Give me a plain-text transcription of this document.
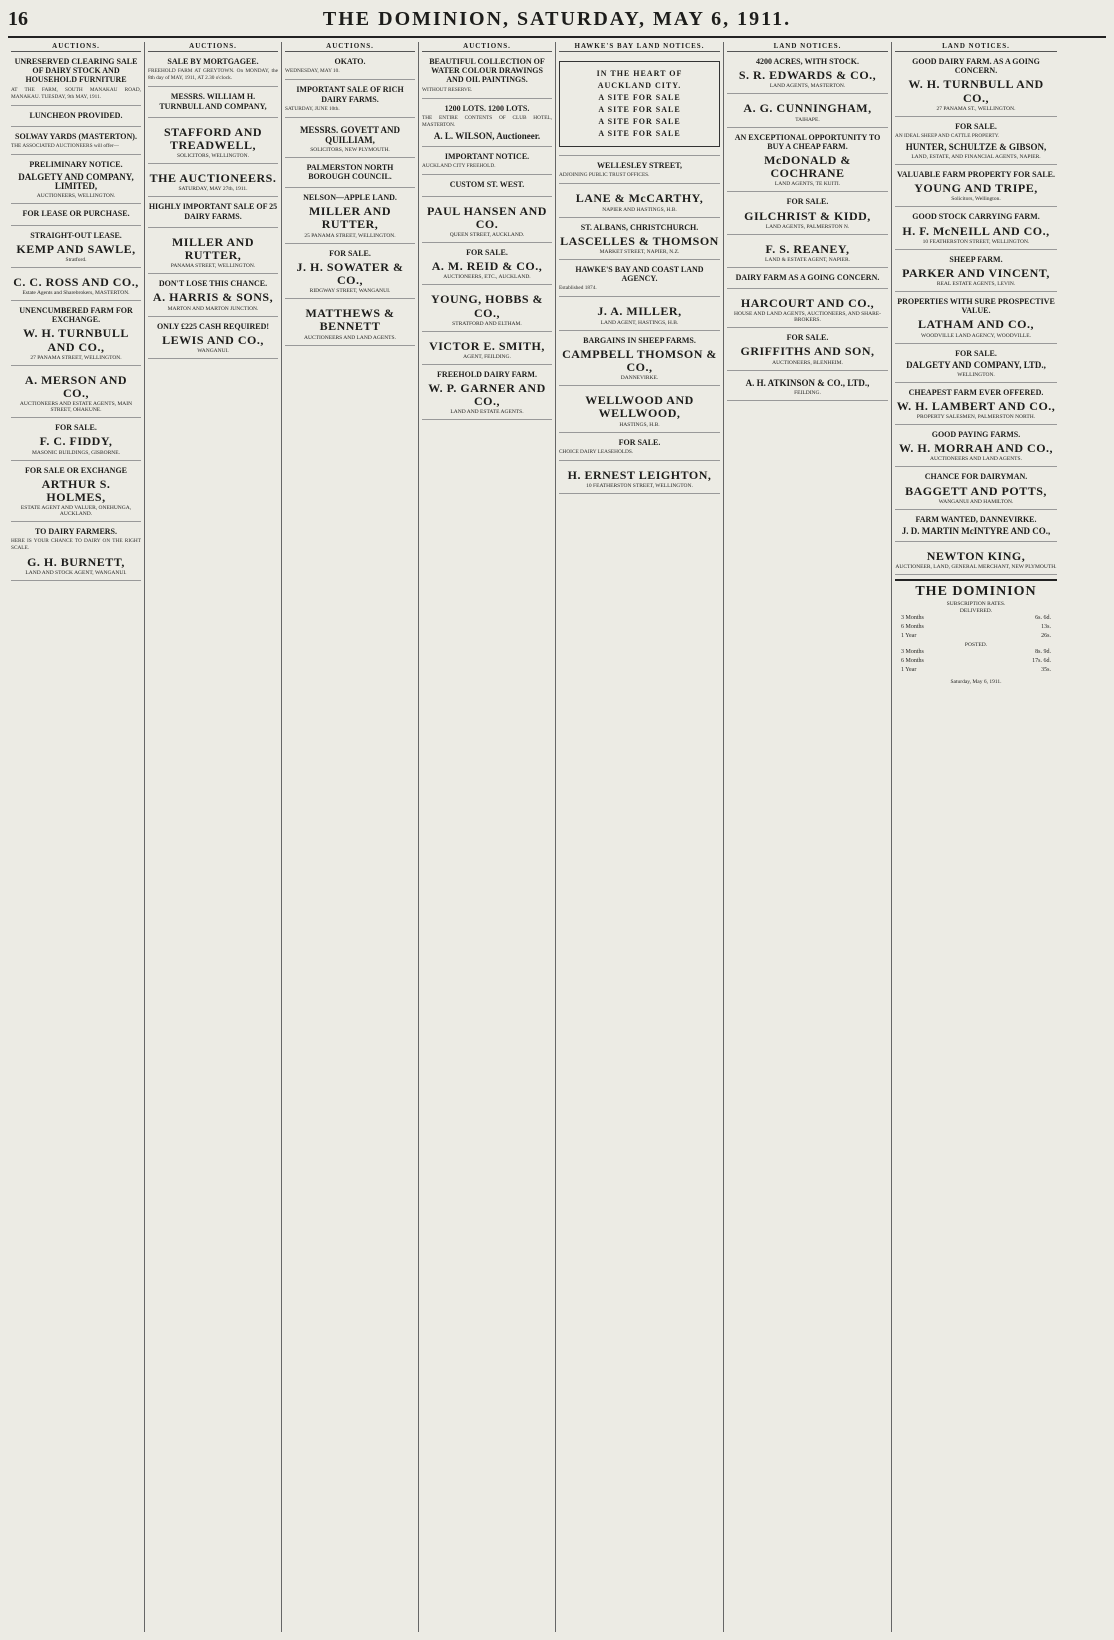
16	THE DOMINION, SATURDAY, MAY 6, 1911.
AUCTIONS.
UNRESERVED CLEARING SALE OF DAIRY STOCK AND HOUSEHOLD FURNITURE
AT THE FARM, SOUTH MANAKAU ROAD, MANAKAU. TUESDAY, 9th MAY, 1911.
LUNCHEON PROVIDED.
SOLWAY YARDS (MASTERTON).
THE ASSOCIATED AUCTIONEERS will offer—
PRELIMINARY NOTICE.
DALGETY AND COMPANY, LIMITED,
AUCTIONEERS, WELLINGTON.
FOR LEASE OR PURCHASE.
STRAIGHT-OUT LEASE.
KEMP AND SAWLE,
Stratford.
C. C. ROSS AND CO.,
Estate Agents and Sharebrokers, MASTERTON.
UNENCUMBERED FARM FOR EXCHANGE.
W. H. TURNBULL AND CO.,
27 PANAMA STREET, WELLINGTON.
A. MERSON AND CO.,
AUCTIONEERS AND ESTATE AGENTS, MAIN STREET, OHAKUNE.
FOR SALE.
F. C. FIDDY,
MASONIC BUILDINGS, GISBORNE.
FOR SALE OR EXCHANGE
ARTHUR S. HOLMES,
ESTATE AGENT AND VALUER, ONEHUNGA, AUCKLAND.
TO DAIRY FARMERS.
HERE IS YOUR CHANCE TO DAIRY ON THE RIGHT SCALE.
G. H. BURNETT,
LAND AND STOCK AGENT, WANGANUI.
AUCTIONS.
SALE BY MORTGAGEE.
FREEHOLD FARM AT GREYTOWN. On MONDAY, the 8th day of MAY, 1911, AT 2.30 o'clock.
MESSRS. WILLIAM H. TURNBULL AND COMPANY,
STAFFORD AND TREADWELL,
SOLICITORS, WELLINGTON.
THE AUCTIONEERS.
SATURDAY, MAY 27th, 1911.
HIGHLY IMPORTANT SALE OF 25 DAIRY FARMS.
MILLER AND RUTTER,
PANAMA STREET, WELLINGTON.
DON'T LOSE THIS CHANCE.
A. HARRIS & SONS,
MARTON AND MARTON JUNCTION.
ONLY £225 CASH REQUIRED!
LEWIS AND CO.,
WANGANUI.
AUCTIONS.
OKATO.
WEDNESDAY, MAY 10.
IMPORTANT SALE OF RICH DAIRY FARMS.
SATURDAY, JUNE 10th.
MESSRS. GOVETT AND QUILLIAM,
SOLICITORS, NEW PLYMOUTH.
PALMERSTON NORTH BOROUGH COUNCIL.
NELSON—APPLE LAND.
MILLER AND RUTTER,
25 PANAMA STREET, WELLINGTON.
FOR SALE.
J. H. SOWATER & CO.,
RIDGWAY STREET, WANGANUI.
MATTHEWS & BENNETT
AUCTIONEERS AND LAND AGENTS.
AUCTIONS.
BEAUTIFUL COLLECTION OF WATER COLOUR DRAWINGS AND OIL PAINTINGS.
WITHOUT RESERVE.
1200 LOTS. 1200 LOTS.
THE ENTIRE CONTENTS OF CLUB HOTEL, MASTERTON.
A. L. WILSON, Auctioneer.
IMPORTANT NOTICE.
AUCKLAND CITY FREEHOLD.
CUSTOM ST. WEST.
PAUL HANSEN AND CO.
QUEEN STREET, AUCKLAND.
FOR SALE.
A. M. REID & CO.,
AUCTIONEERS, ETC., AUCKLAND.
YOUNG, HOBBS & CO.,
STRATFORD AND ELTHAM.
VICTOR E. SMITH,
AGENT, FEILDING.
FREEHOLD DAIRY FARM.
W. P. GARNER AND CO.,
LAND AND ESTATE AGENTS.
HAWKE'S BAY LAND NOTICES.
IN THE HEART OF
AUCKLAND CITY.
A SITE FOR SALE
A SITE FOR SALE
A SITE FOR SALE
A SITE FOR SALE
WELLESLEY STREET,
ADJOINING PUBLIC TRUST OFFICES.
LANE & McCARTHY,
NAPIER AND HASTINGS, H.B.
ST. ALBANS, CHRISTCHURCH.
LASCELLES & THOMSON
MARKET STREET, NAPIER, N.Z.
HAWKE'S BAY AND COAST LAND AGENCY.
Established 1874.
J. A. MILLER,
LAND AGENT, HASTINGS, H.B.
BARGAINS IN SHEEP FARMS.
CAMPBELL THOMSON & CO.,
DANNEVIRKE.
WELLWOOD AND WELLWOOD,
HASTINGS, H.B.
FOR SALE.
CHOICE DAIRY LEASEHOLDS.
H. ERNEST LEIGHTON,
10 FEATHERSTON STREET, WELLINGTON.
LAND NOTICES.
4200 ACRES, WITH STOCK.
S. R. EDWARDS & CO.,
LAND AGENTS, MASTERTON.
A. G. CUNNINGHAM,
TAIHAPE.
AN EXCEPTIONAL OPPORTUNITY TO BUY A CHEAP FARM.
McDONALD & COCHRANE
LAND AGENTS, TE KUITI.
FOR SALE.
GILCHRIST & KIDD,
LAND AGENTS, PALMERSTON N.
F. S. REANEY,
LAND & ESTATE AGENT, NAPIER.
DAIRY FARM AS A GOING CONCERN.
HARCOURT AND CO.,
HOUSE AND LAND AGENTS, AUCTIONEERS, AND SHARE-BROKERS.
FOR SALE.
GRIFFITHS AND SON,
AUCTIONEERS, BLENHEIM.
A. H. ATKINSON & CO., LTD.,
FEILDING.
LAND NOTICES.
GOOD DAIRY FARM. AS A GOING CONCERN.
W. H. TURNBULL AND CO.,
27 PANAMA ST., WELLINGTON.
FOR SALE.
AN IDEAL SHEEP AND CATTLE PROPERTY.
HUNTER, SCHULTZE & GIBSON,
LAND, ESTATE, AND FINANCIAL AGENTS, NAPIER.
VALUABLE FARM PROPERTY FOR SALE.
YOUNG AND TRIPE,
Solicitors, Wellington.
GOOD STOCK CARRYING FARM.
H. F. McNEILL AND CO.,
10 FEATHERSTON STREET, WELLINGTON.
SHEEP FARM.
PARKER AND VINCENT,
REAL ESTATE AGENTS, LEVIN.
PROPERTIES WITH SURE PROSPECTIVE VALUE.
LATHAM AND CO.,
WOODVILLE LAND AGENCY, WOODVILLE.
FOR SALE.
DALGETY AND COMPANY, LTD.,
WELLINGTON.
CHEAPEST FARM EVER OFFERED.
W. H. LAMBERT AND CO.,
PROPERTY SALESMEN, PALMERSTON NORTH.
GOOD PAYING FARMS.
W. H. MORRAH AND CO.,
AUCTIONEERS AND LAND AGENTS.
CHANCE FOR DAIRYMAN.
BAGGETT AND POTTS,
WANGANUI AND HAMILTON.
FARM WANTED, DANNEVIRKE.
J. D. MARTIN McINTYRE AND CO.,
NEWTON KING,
AUCTIONEER, LAND, GENERAL MERCHANT, NEW PLYMOUTH.
THE DOMINION
SUBSCRIPTION RATES.
DELIVERED.
3 Months	6s. 6d.
6 Months	13s.
1 Year	26s.
POSTED.
3 Months	8s. 9d.
6 Months	17s. 6d.
1 Year	35s.
Saturday, May 6, 1911.
